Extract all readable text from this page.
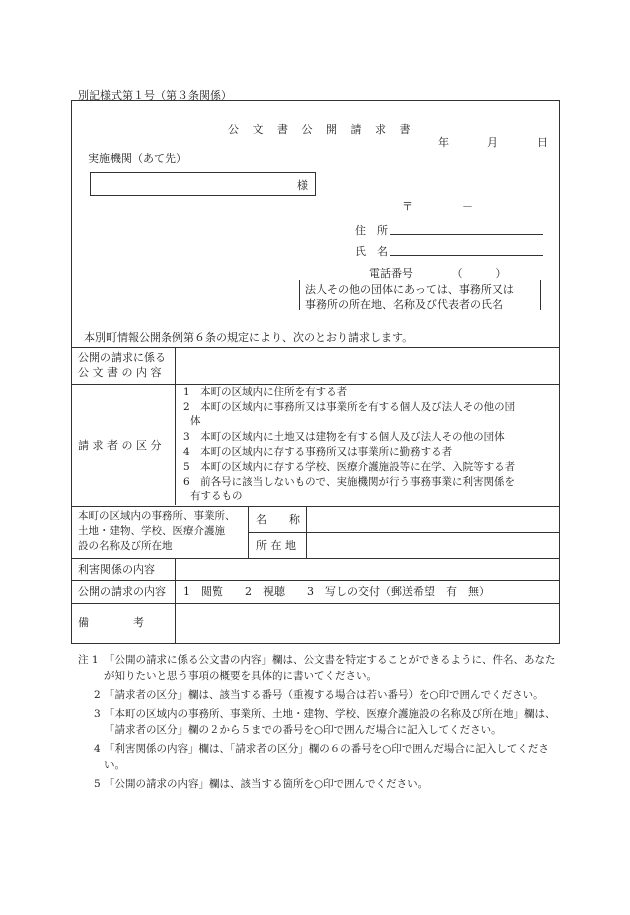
別記様式第１号（第３条関係）
公 文 書 公 開 請 求 書
年	月	日
実施機関（あて先）
様
〒	－
住　所
氏　名
電話番号　　　　（　　　）
法人その他の団体にあっては、事務所又は
事務所の所在地、名称及び代表者の氏名
本別町情報公開条例第６条の規定により、次のとおり請求します。
公開の請求に係る
公 文 書 の 内 容
請 求 者 の 区 分
1　本町の区域内に住所を有する者
2　本町の区域内に事務所又は事業所を有する個人及び法人その他の団
体
3　本町の区域内に土地又は建物を有する個人及び法人その他の団体
4　本町の区域内に存する事務所又は事業所に勤務する者
5　本町の区域内に存する学校、医療介護施設等に在学、入院等する者
6　前各号に該当しないもので、実施機関が行う事務事業に利害関係を
有するもの
本町の区域内の事務所、事業所、
土地・建物、学校、医療介護施
設の名称及び所在地
名　　称
所 在 地
利害関係の内容
公開の請求の内容 1　閲覧　　2　視聴　　3　写しの交付（郵送希望　有　無）
備　　　　考
注 1 「公開の請求に係る公文書の内容」欄は、公文書を特定することができるように、件名、あなたが知りたいと思う事項の概要を具体的に書いてください。
2 「請求者の区分」欄は、該当する番号（重複する場合は若い番号）を○印で囲んでください。
3 「本町の区域内の事務所、事業所、土地・建物、学校、医療介護施設の名称及び所在地」欄は、「請求者の区分」欄の２から５までの番号を○印で囲んだ場合に記入してください。
4 「利害関係の内容」欄は、「請求者の区分」欄の６の番号を○印で囲んだ場合に記入してください。
5 「公開の請求の内容」欄は、該当する箇所を○印で囲んでください。
